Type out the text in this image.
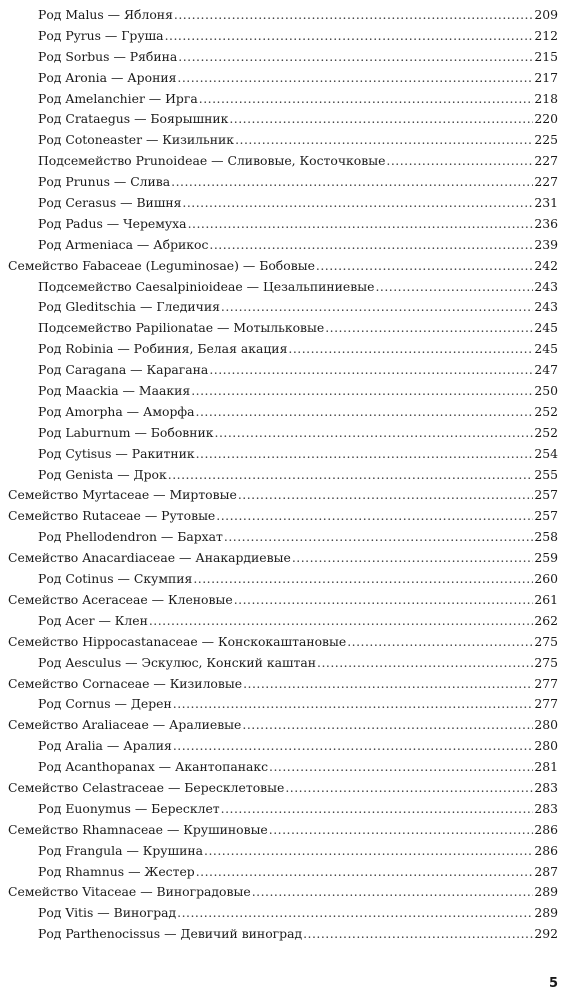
Род Malus — Яблоня .....	209
Род Pyrus — Груша .....	212
Род Sorbus — Рябина .....	215
Род Aronia — Арония .....	217
Род Amelanchier — Ирга .....	218
Род Crataegus — Боярышник .....	220
Род Cotoneaster — Кизильник .....	225
Подсемейство Prunoideae — Сливовые, Косточковые .....	227
Род Prunus — Слива .....	227
Род Cerasus — Вишня .....	231
Род Padus — Черемуха .....	236
Род Armeniaca — Абрикос .....	239
Семейство Fabaceae (Leguminosae) — Бобовые .....	242
Подсемейство Caesalpinioideae — Цезальпиниевые .....	243
Род Gleditschia — Гледичия .....	243
Подсемейство Papilionatae — Мотыльковые .....	245
Род Robinia — Робиния, Белая акация .....	245
Род Caragana — Карагана .....	247
Род Maackia — Маакия .....	250
Род Amorpha — Аморфа .....	252
Род Laburnum — Бобовник .....	252
Род Cytisus — Ракитник .....	254
Род Genista — Дрок .....	255
Семейство Myrtaceae — Миртовые .....	257
Семейство Rutaceae — Рутовые .....	257
Род Phellodendron — Бархат .....	258
Семейство Anacardiaceae — Анакардиевые .....	259
Род Cotinus — Скумпия .....	260
Семейство Aceraceae — Кленовые .....	261
Род Acer — Клен .....	262
Семейство Hippocastanaceae — Конскокаштановые .....	275
Род Aesculus — Эскулюс, Конский каштан .....	275
Семейство Cornaceae — Кизиловые .....	277
Род Cornus — Дерен .....	277
Семейство Araliaceae — Аралиевые .....	280
Род Aralia — Аралия .....	280
Род Acanthopanax — Акантопанакс .....	281
Семейство Celastraceae — Бересклетовые .....	283
Род Euonymus — Бересклет .....	283
Семейство Rhamnaceae — Крушиновые .....	286
Род Frangula — Крушина .....	286
Род Rhamnus — Жестер .....	287
Семейство Vitaceae — Виноградовые .....	289
Род Vitis — Виноград .....	289
Род Parthenocissus — Девичий виноград .....	292
5
